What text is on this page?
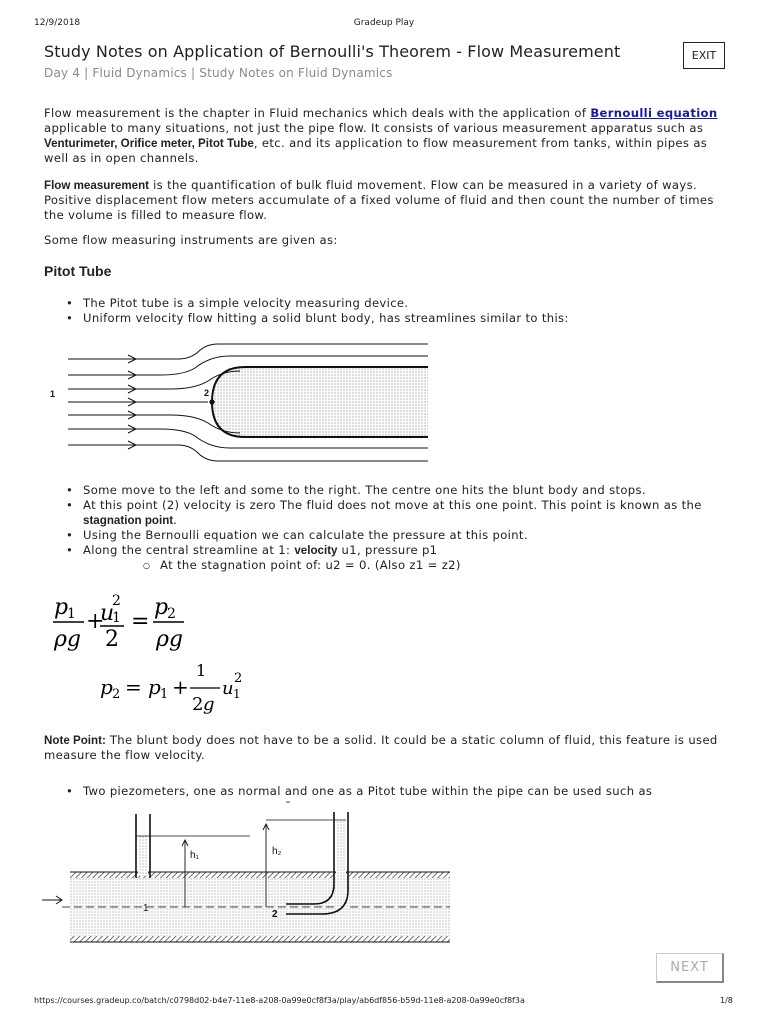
12/9/2018	Gradeup Play
Study Notes on Application of Bernoulli's Theorem - Flow Measurement
Day 4 | Fluid Dynamics | Study Notes on Fluid Dynamics
EXIT

Flow measurement is the chapter in Fluid mechanics which deals with the application of Bernoulli equation applicable to many situations, not just the pipe flow. It consists of various measurement apparatus such as Venturimeter, Orifice meter, Pitot Tube, etc. and its application to flow measurement from tanks, within pipes as well as in open channels.

Flow measurement is the quantification of bulk fluid movement. Flow can be measured in a variety of ways. Positive displacement flow meters accumulate of a fixed volume of fluid and then count the number of times the volume is filled to measure flow.

Some flow measuring instruments are given as:

Pitot Tube
• The Pitot tube is a simple velocity measuring device.
• Uniform velocity flow hitting a solid blunt body, has streamlines similar to this:
• Some move to the left and some to the right. The centre one hits the blunt body and stops.
• At this point (2) velocity is zero The fluid does not move at this one point. This point is known as the stagnation point.
• Using the Bernoulli equation we can calculate the pressure at this point.
• Along the central streamline at 1: velocity u1, pressure p1
○ At the stagnation point of: u2 = 0. (Also z1 = z2)

Note Point: The blunt body does not have to be a solid. It could be a static column of fluid, this feature is used measure the flow velocity.

• Two piezometers, one as normal and one as a Pitot tube within the pipe can be used such as
1	2
p
1
ρg
+
u
1
2
2
=
p
2
ρg
p 2 = p 1 +
1
2 g
u 1
2
h₁	h₂
1
2
NEXT
https://courses.gradeup.co/batch/c0798d02-b4e7-11e8-a208-0a99e0cf8f3a/play/ab6df856-b59d-11e8-a208-0a99e0cf8f3a	1/8
